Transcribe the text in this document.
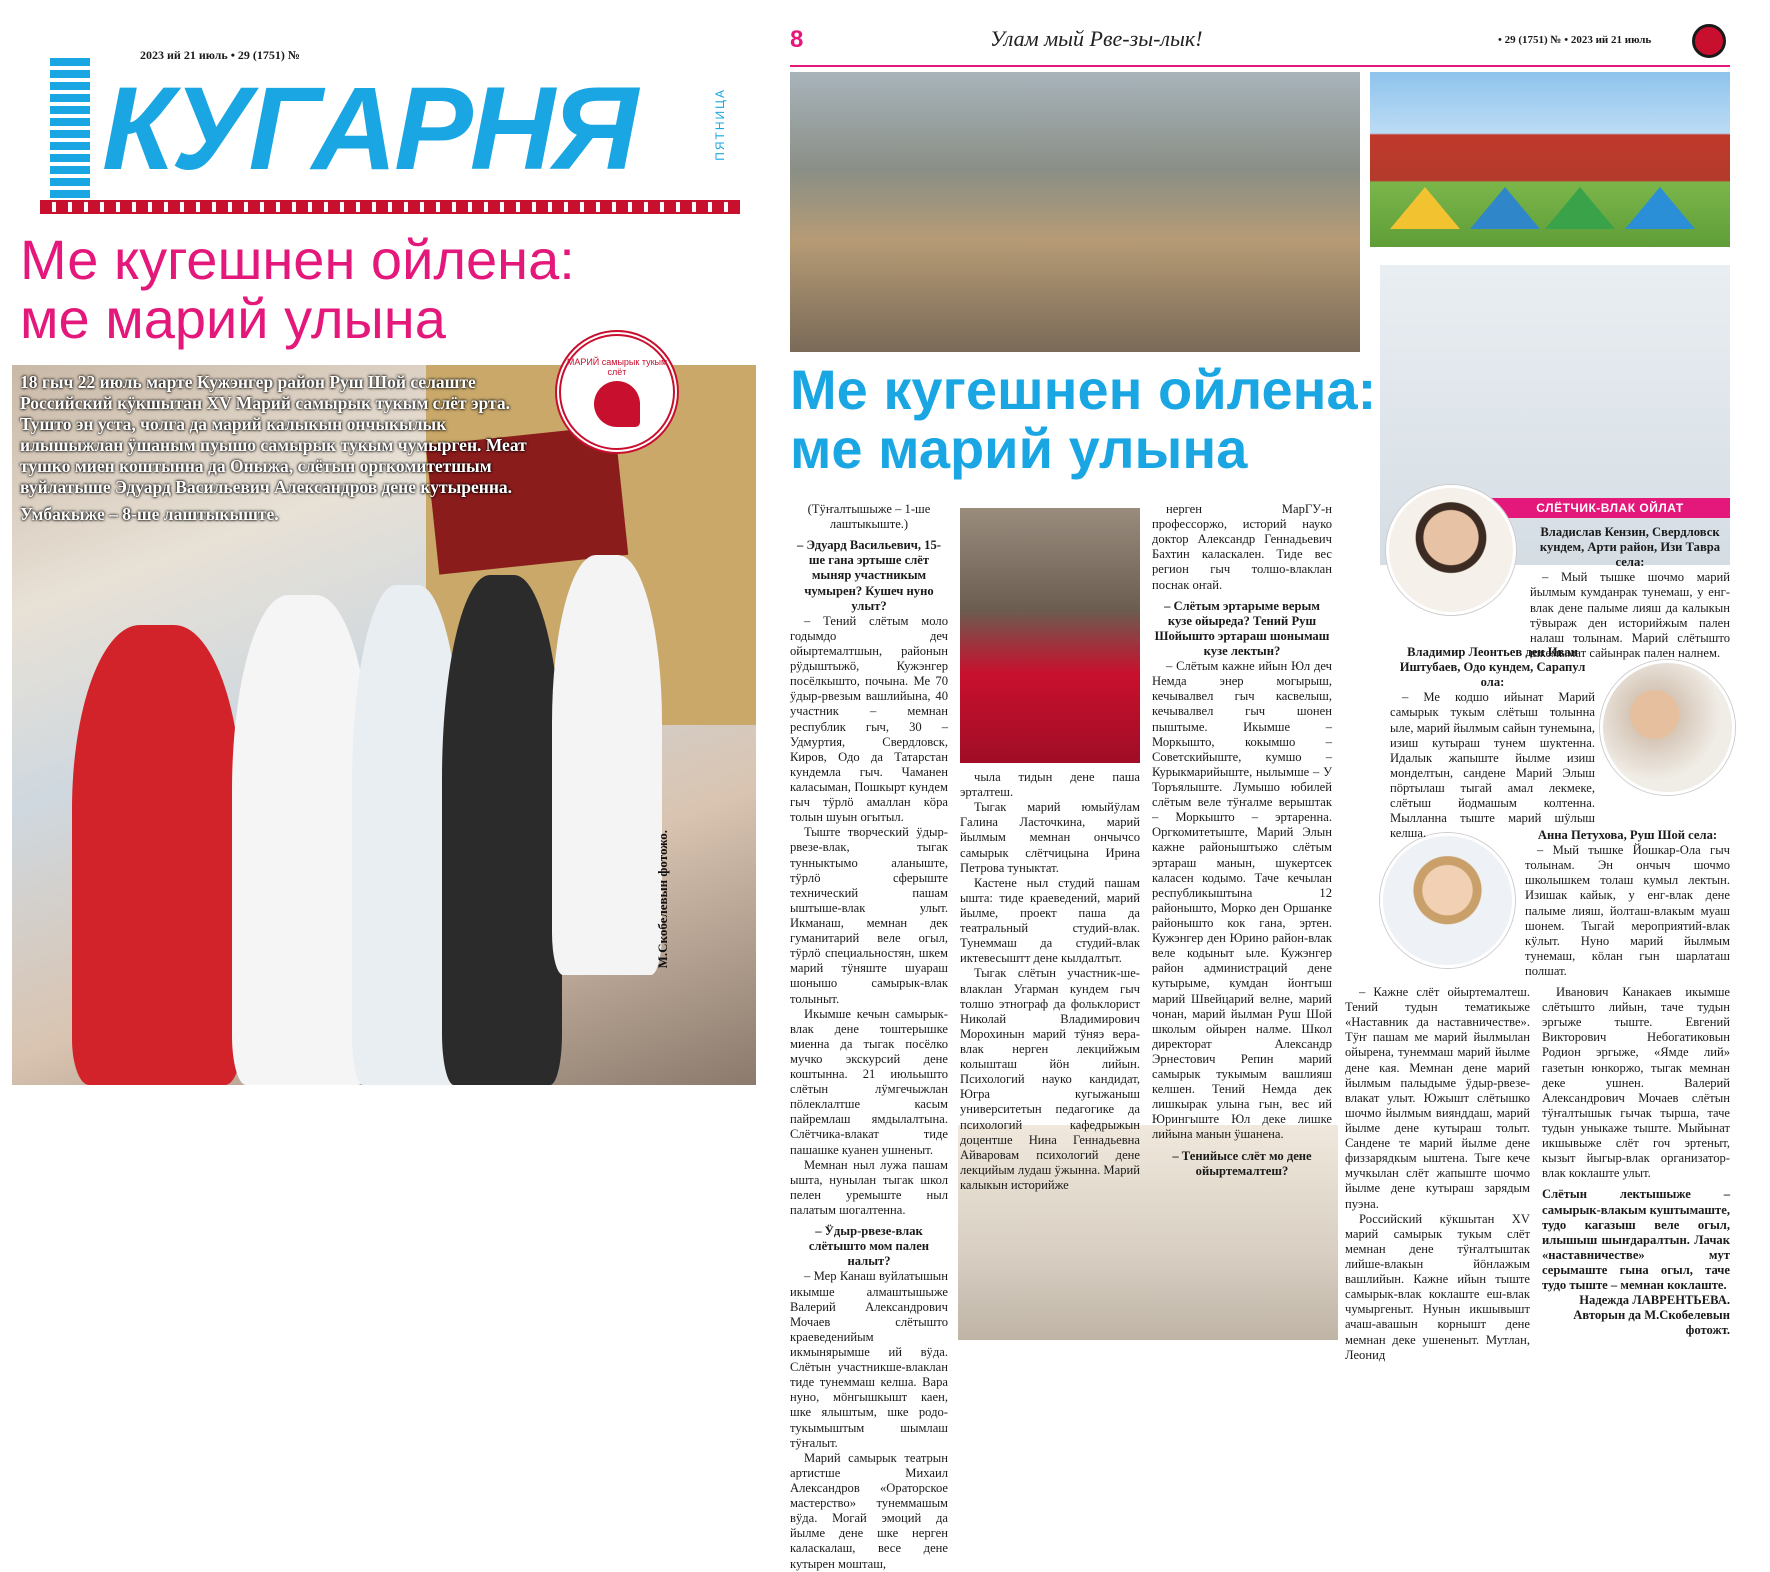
2023 ий 21 июль • 29 (1751) №
КУГАРНЯ	ПЯТНИЦА
Ме кугешнен ойлена:
ме марий улына
18 гыч 22 июль марте Кужэнгер район Руш Шой селаште Российский кӱкшытан XV Марий самырык тукым слёт эрта. Тушто эн уста, чолга да марий калыкын ончыкылык илышыжлан ӱшаным пуышо самырык тукым чумырген. Меат тушко миен коштынна да Оныжа, слётын оргкомитетшым вуйлатыше Эдуард Васильевич Александров дене кутыренна.
Умбакыже – 8-ше лаштыкыште.
МАРИЙ самырык тукым слёт
М.Скобелевын фотожо.
8	Улам мый Рве-зы-лык!	• 29 (1751) № • 2023 ий 21 июль
Ме кугешнен ойлена:
ме марий улына

(Тӱҥалтышыже – 1-ше лаштыкыште.)

– Эдуард Васильевич, 15-ше гана эртыше слёт мыняр участникым чумырен? Кушеч нуно улыт?

– Тений слётым моло годымдо деч ойыртемалтшын, районын рӱдыштыжӧ, Кужэнгер посёлкышто, почына. Ме 70 ӱдыр-рвезым вашлийына, 40 участник – мемнан республик гыч, 30 – Удмуртия, Свердловск, Киров, Одо да Татарстан кундемла гыч. Чаманен каласыман, Пошкырт кундем гыч тӱрлӧ амаллан кӧра толын шуын огытыл.

Тыште творческий ӱдыр-рвезе-влак, тыгак тунныктымо аланыште, тӱрлӧ сферыште технический пашам ыштыше-влак улыт. Икманаш, мемнан дек гуманитарий веле огыл, тӱрлӧ специальностян, шкем марий тӱняште шуараш шонышо самырык-влак толыныт.

Икымше кечын самырык-влак дене тоштерышке миенна да тыгак посёлко мучко экскурсий дене коштынна. 21 июльышто слётын лӱмгечыжлан пӧлеклалтше касым пайремлаш ямдылалтына. Слётчика-влакат тиде пашашке куанен ушненыт.

Мемнан ныл лужа пашам ышта, нунылан тыгак школ пелен уремыште ныл палатым шогалтенна.

– Ӱдыр-рвезе-влак слётышто мом пален налыт?

– Мер Канаш вуйлатышын икымше алмаштышыже Валерий Александрович Мочаев слётышто краеведенийым икмынярымше ий вӱда. Слётын участникше-влаклан тиде тунеммаш келша. Вара нуно, мӧнгышкышт каен, шке ялыштым, шке родо-тукымыштым шымлаш тӱҥалыт.

Марий самырык театрын артистше Михаил Александров «Ораторское мастерство» тунеммашым вӱда. Могай эмоций да йылме дене шке нерген каласкалаш, весе дене кутырен мошташ,

чыла тидын дене паша эрталтеш.

Тыгак марий юмыйӱлам Галина Ласточкина, марий йылмым мемнан ончычсо самырык слётчицына Ирина Петрова туныктат.

Кастене ныл студий пашам ышта: тиде краеведений, марий йылме, проект паша да театральный студий-влак. Тунеммаш да студий-влак иктевесыштт дене кылдалтыт.

Тыгак слётын участник-ше-влаклан Угарман кундем гыч толшо этнограф да фольклорист Николай Владимирович Морохинын марий тӱняэ вера-влак нерген лекцийжым колышташ йӧн лийын. Психологий науко кандидат, Югра кугыжаныш университетын педагогике да психологий кафедрыжын доцентше Нина Геннадьевна Айваровам психологий дене лекцийым лудаш ӱжынна. Марий калыкын историйже

нерген МарГУ-н профессоржо, историй науко доктор Александр Геннадьевич Бахтин каласкален. Тиде вес регион гыч толшо-влаклан поснак оҥай.

– Слётым эртарыме верым кузе ойыреда? Тений Руш Шойышто эртараш шонымаш кузе лектын?

– Слётым кажне ийын Юл деч Немда энер могырыш, кечывалвел гыч касвелыш, кечывалвел гыч шонен пыштыме. Икымше – Моркышто, кокымшо – Советскийыште, кумшо – Курыкмарийыште, нылымше – У Торъялыште. Лумышо юбилей слётым веле тӱҥалме верыштак – Моркышто – эртаренна. Оргкомитетыште, Марий Элын кажне районыштыжо слётым эртараш манын, шукертсек каласен кодымо. Таче кечылан республикыштына 12 районышто, Морко ден Оршанке районышто кок гана, эртен. Кужэнгер ден Юрино район-влак веле кодыныт ыле. Кужэнгер район администраций дене кутырыме, кумдан йоҥгыш марий Швейцарий велне, марий чонан, марий йылман Руш Шой школым ойырен налме. Школ директорат Александр Эрнестович Репин марий самырык тукымым вашлияш келшен. Тений Немда дек лишкырак улына гын, вес ий Юрингыште Юл деке лишке лийына манын ӱшанена.

– Тенийысе слёт мо дене ойыртемалтеш?

– Кажне слёт ойыртемалтеш. Тений тудын тематикыже «Наставник да наставничестве». Тӱҥ пашам ме марий йылмылан ойырена, тунеммаш марий йылме дене кая. Мемнан дене марий йылмым палыдыме ӱдыр-рвезе-влакат улыт. Южышт слётышко шочмо йылмым виянддаш, марий йылме дене кутыраш толыт. Сандене те марий йылме дене физзарядкым ыштена. Тыге кече мучкылан слёт жапыште шочмо йылме дене кутыраш зарядым пуэна.

Российский кӱкшытан XV марий самырык тукым слёт мемнан дене тӱҥалтыштак лийше-влакын йӧнлажым вашлийын. Кажне ийын тыште самырык-влак коклаште еш-влак чумыргеныт. Нунын икшывышт ачаш-авашын корнышт дене мемнан деке ушененыт. Мутлан, Леонид

Иванович Канакаев икымше слётышто лийын, тачe тудын эргыже тыште. Евгений Викторович Небогатиковын Родион эргыже, «Ямде лий» газетын юнкоржо, тыгак мемнан деке ушнен. Валерий Александрович Мочаев слётын тӱҥалтышык гычак тырша, тачe тудын уныкаже тыште. Мыйынат икшывыже слёт гоч эртеныт, кызыт йыгыр-влак организатор-влак коклаште улыт.

Слётын лектышыже – самырык-влакым куштымаште, тудо кагазыш веле огыл, илышыш шыҥдаралтын. Лачак «наставничестве» мут серымаште гына огыл, тачe тудо тыште – мемнан коклаште.

Надежда ЛАВРЕНТЬЕВА. Авторын да М.Скобелевын фотожт.

СЛЁТЧИК-ВЛАК ОЙЛАТ
Владислав Кензин, Свердловск кундем, Арти район, Изи Тавра села:
– Мый тышке шочмо марий йылмым кумданрак тунемаш, у енг-влак дене палыме лияш да калыкын тӱвыраж ден историйжым пален налаш толынам. Марий слётышто шкемымат сайынрак пален налнем.
Владимир Леонтьев ден Иван Иштубаев, Одо кундем, Сарапул ола:
– Ме кодшо ийынат Марий самырык тукым слётыш толынна ыле, марий йылмым сайын тунемына, изиш кутыраш тунем шуктенна. Идалык жапыште йылме изиш монделтын, сандене Марий Элыш пӧртылаш тыгай амал лекмеке, слётыш йодмашым колтенна. Мылланна тыште марий шӱлыш келша.	Анна Петухова, Руш Шой села:
– Мый тышке Йошкар-Ола гыч толынам. Эн ончыч шочмо школышкем толаш кумыл лектын. Изишак кайык, у енг-влак дене палыме лияш, йолташ-влакым муаш шонем. Тыгай мероприятий-влак кӱлыт. Нуно марий йылмым тунемаш, кӧлан гын шарлаташ полшат.
